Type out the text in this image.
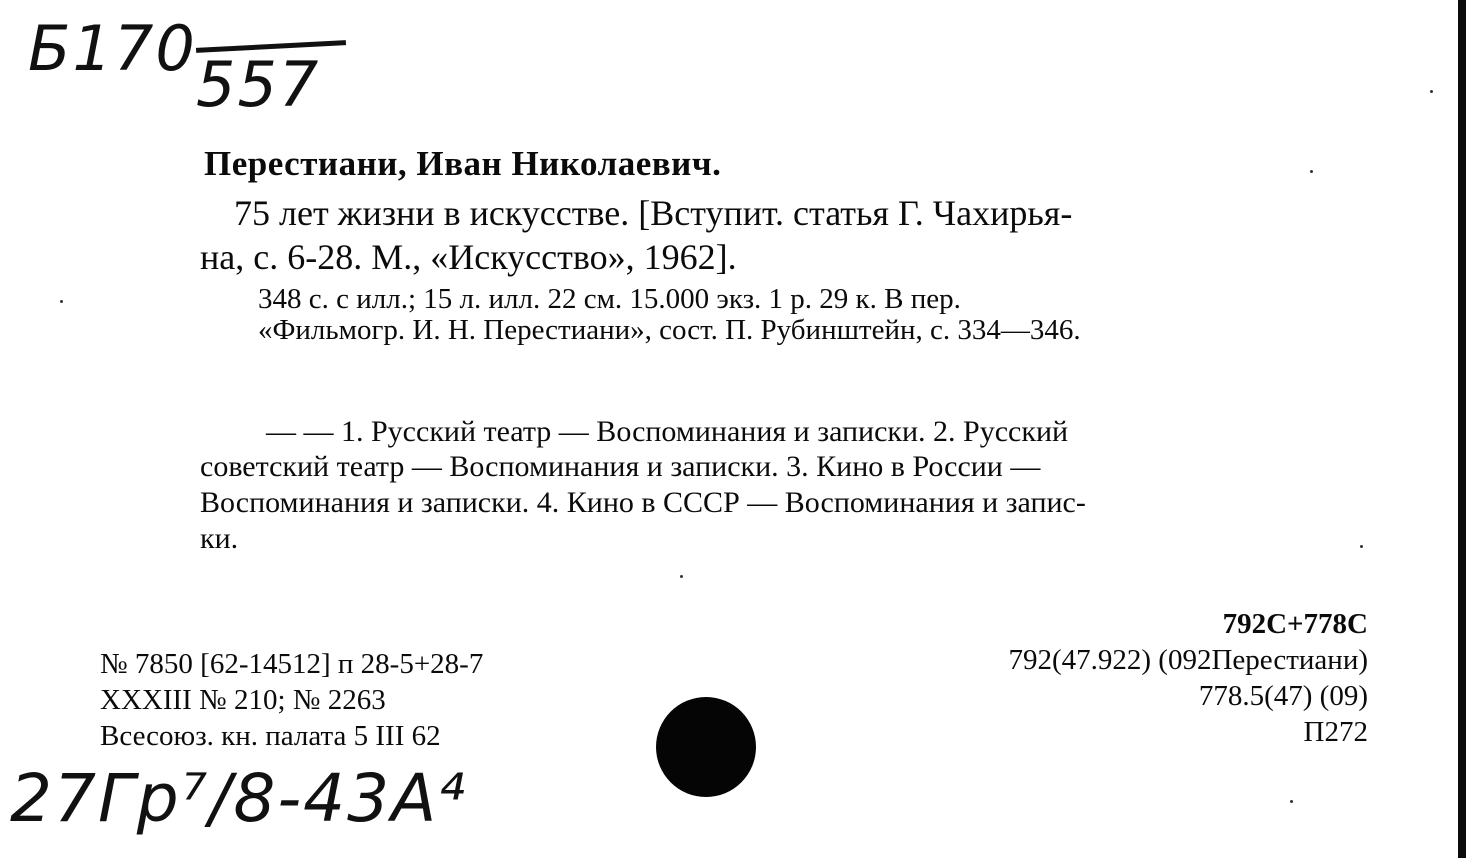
Б170 557
Перестиани, Иван Николаевич.
75 лет жизни в искусстве. [Вступит. статья Г. Чахирья-
на, с. 6-28. М., «Искусство», 1962].
348 с. с илл.; 15 л. илл. 22 см. 15.000 экз. 1 р. 29 к. В пер.
«Фильмогр. И. Н. Перестиани», сост. П. Рубинштейн, с. 334—346.
— — 1. Русский театр — Воспоминания и записки. 2. Русский
советский театр — Воспоминания и записки. 3. Кино в России —
Воспоминания и записки. 4. Кино в СССР — Воспоминания и запис-
ки.
№ 7850 [62-14512] п 28-5+28-7
XXXIII № 210; № 2263
Всесоюз. кн. палата 5 III 62
792С+778С
792(47.922) (092Перестиани)
778.5(47) (09)
П272
27Гр⁷/8-43А⁴
